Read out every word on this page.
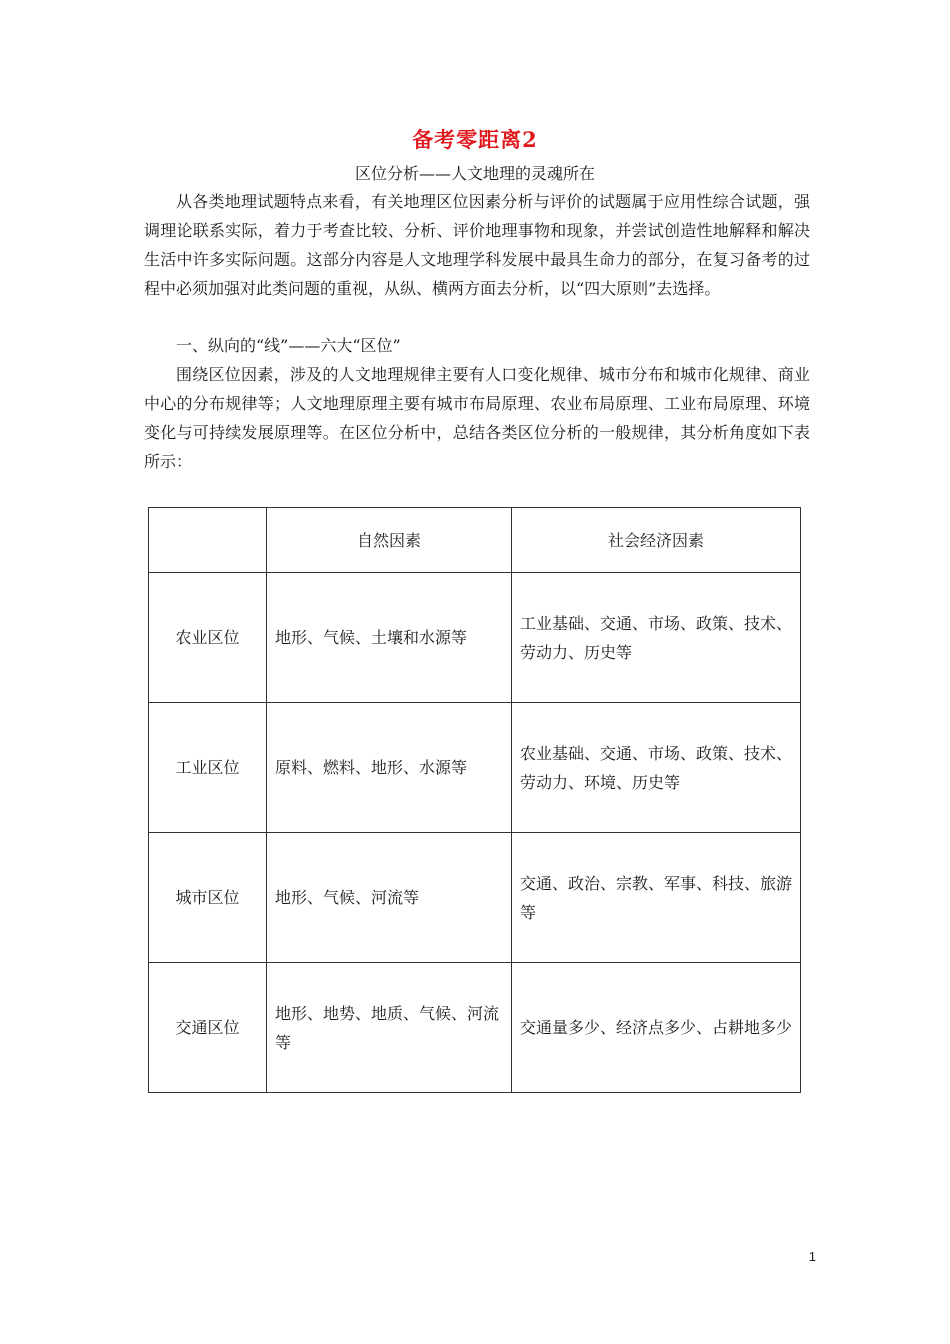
备考零距离2
区位分析——人文地理的灵魂所在

从各类地理试题特点来看，有关地理区位因素分析与评价的试题属于应用性综合试题，强调理论联系实际，着力于考查比较、分析、评价地理事物和现象，并尝试创造性地解释和解决生活中许多实际问题。这部分内容是人文地理学科发展中最具生命力的部分，在复习备考的过程中必须加强对此类问题的重视，从纵、横两方面去分析，以“四大原则”去选择。

一、纵向的“线”——六大“区位”

围绕区位因素，涉及的人文地理规律主要有人口变化规律、城市分布和城市化规律、商业中心的分布规律等；人文地理原理主要有城市布局原理、农业布局原理、工业布局原理、环境变化与可持续发展原理等。在区位分析中，总结各类区位分析的一般规律，其分析角度如下表所示：

	自然因素	社会经济因素
农业区位	地形、气候、土壤和水源等	工业基础、交通、市场、政策、技术、劳动力、历史等
工业区位	原料、燃料、地形、水源等	农业基础、交通、市场、政策、技术、劳动力、环境、历史等
城市区位	地形、气候、河流等	交通、政治、宗教、军事、科技、旅游等
交通区位	地形、地势、地质、气候、河流等	交通量多少、经济点多少、占耕地多少
1
